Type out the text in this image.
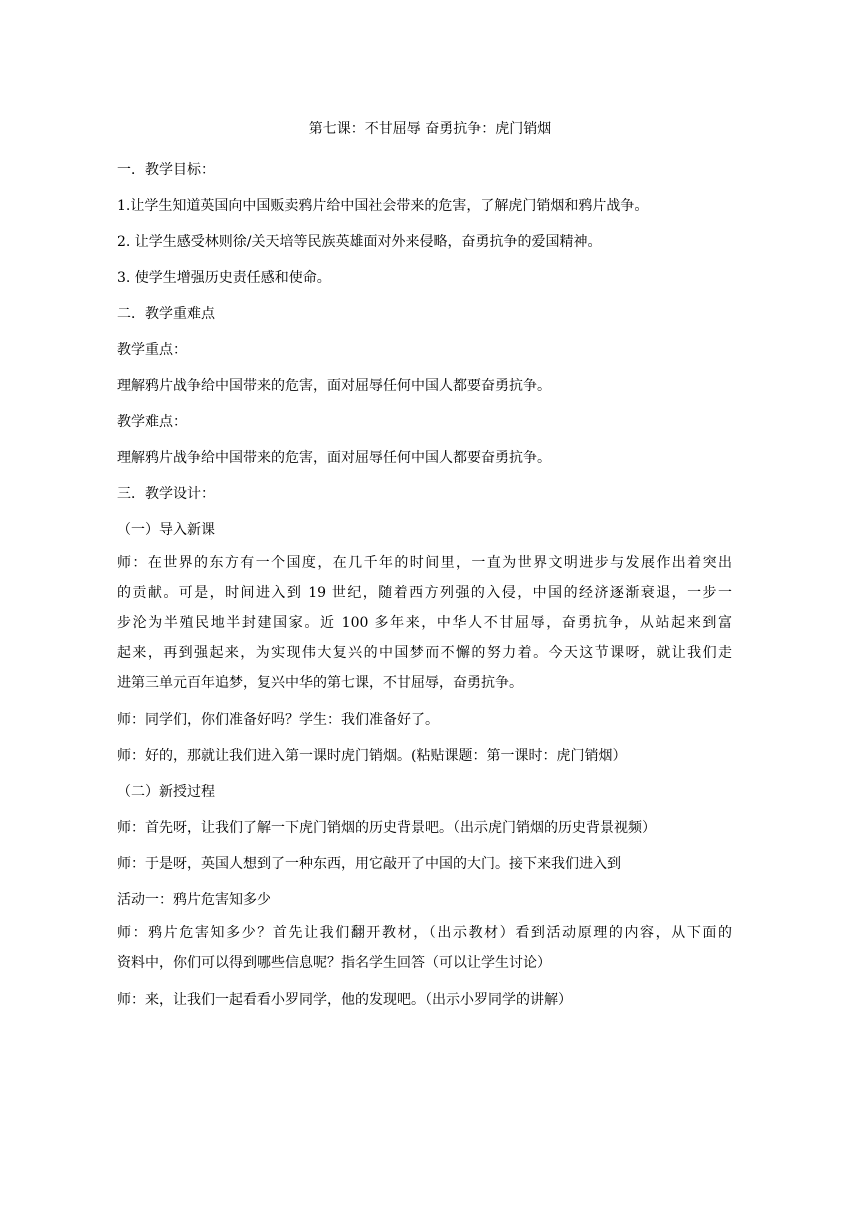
第七课：不甘屈辱 奋勇抗争：虎门销烟
一．教学目标：
1.让学生知道英国向中国贩卖鸦片给中国社会带来的危害，了解虎门销烟和鸦片战争。
2. 让学生感受林则徐/关天培等民族英雄面对外来侵略，奋勇抗争的爱国精神。
3. 使学生增强历史责任感和使命。
二．教学重难点
教学重点：
理解鸦片战争给中国带来的危害，面对屈辱任何中国人都要奋勇抗争。
教学难点：
理解鸦片战争给中国带来的危害，面对屈辱任何中国人都要奋勇抗争。
三．教学设计：
（一）导入新课
师：在世界的东方有一个国度，在几千年的时间里，一直为世界文明进步与发展作出着突出
的贡献。可是，时间进入到 19 世纪，随着西方列强的入侵，中国的经济逐渐衰退，一步一
步沦为半殖民地半封建国家。近 100 多年来，中华人不甘屈辱，奋勇抗争，从站起来到富
起来，再到强起来，为实现伟大复兴的中国梦而不懈的努力着。今天这节课呀，就让我们走
进第三单元百年追梦，复兴中华的第七课，不甘屈辱，奋勇抗争。
师：同学们，你们准备好吗？学生：我们准备好了。
师：好的，那就让我们进入第一课时虎门销烟。(粘贴课题：第一课时：虎门销烟）
（二）新授过程
师：首先呀，让我们了解一下虎门销烟的历史背景吧。（出示虎门销烟的历史背景视频）
师：于是呀，英国人想到了一种东西，用它敲开了中国的大门。接下来我们进入到
活动一：鸦片危害知多少
师：鸦片危害知多少？首先让我们翻开教材，（出示教材）看到活动原理的内容，从下面的
资料中，你们可以得到哪些信息呢？指名学生回答（可以让学生讨论）
师：来，让我们一起看看小罗同学，他的发现吧。（出示小罗同学的讲解）
